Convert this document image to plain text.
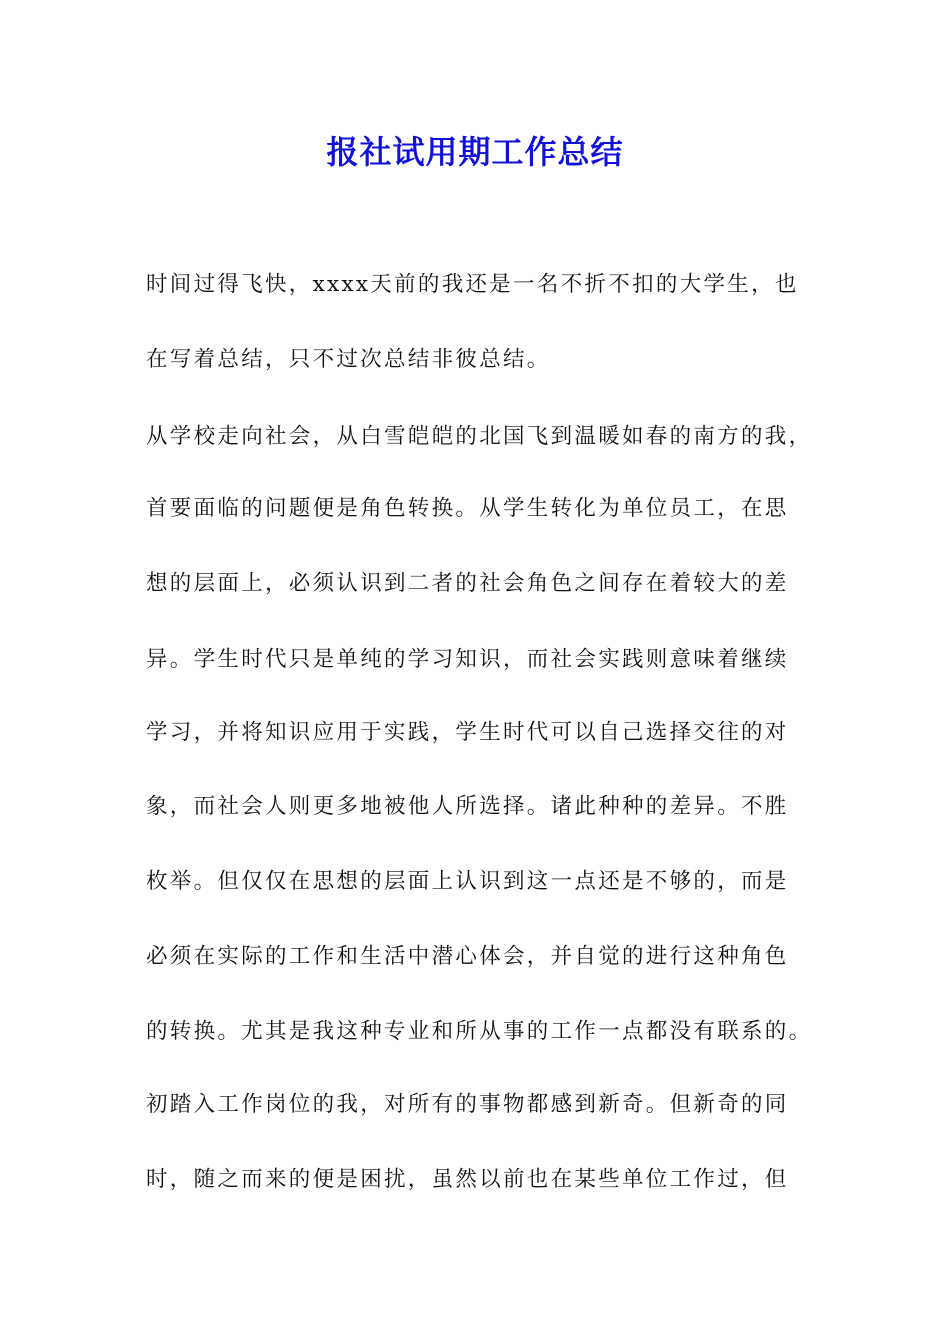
报社试用期工作总结
时间过得飞快，xxxx天前的我还是一名不折不扣的大学生，也
在写着总结，只不过次总结非彼总结。
从学校走向社会，从白雪皑皑的北国飞到温暖如春的南方的我，
首要面临的问题便是角色转换。从学生转化为单位员工，在思
想的层面上，必须认识到二者的社会角色之间存在着较大的差
异。学生时代只是单纯的学习知识，而社会实践则意味着继续
学习，并将知识应用于实践，学生时代可以自己选择交往的对
象，而社会人则更多地被他人所选择。诸此种种的差异。不胜
枚举。但仅仅在思想的层面上认识到这一点还是不够的，而是
必须在实际的工作和生活中潜心体会，并自觉的进行这种角色
的转换。尤其是我这种专业和所从事的工作一点都没有联系的。
初踏入工作岗位的我，对所有的事物都感到新奇。但新奇的同
时，随之而来的便是困扰，虽然以前也在某些单位工作过，但
